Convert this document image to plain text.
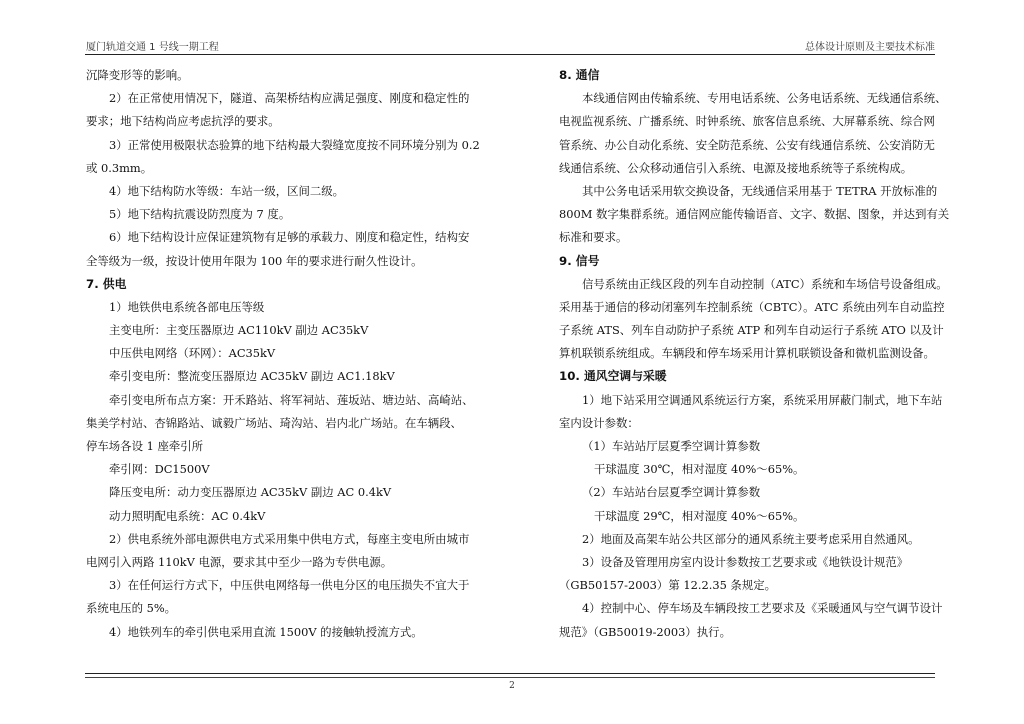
厦门轨道交通 1 号线一期工程	总体设计原则及主要技术标准
沉降变形等的影响。
2）在正常使用情况下，隧道、高架桥结构应满足强度、刚度和稳定性的
要求；地下结构尚应考虑抗浮的要求。
3）正常使用极限状态验算的地下结构最大裂缝宽度按不同环境分别为 0.2
或 0.3mm。
4）地下结构防水等级：车站一级，区间二级。
5）地下结构抗震设防烈度为 7 度。
6）地下结构设计应保证建筑物有足够的承载力、刚度和稳定性，结构安
全等级为一级，按设计使用年限为 100 年的要求进行耐久性设计。
7. 供电
1）地铁供电系统各部电压等级
主变电所：主变压器原边 AC110kV 副边 AC35kV
中压供电网络（环网）：AC35kV
牵引变电所：整流变压器原边 AC35kV 副边 AC1.18kV
牵引变电所布点方案：开禾路站、将军祠站、莲坂站、塘边站、高崎站、
集美学村站、杏锦路站、诚毅广场站、琦沟站、岩内北广场站。在车辆段、
停车场各设 1 座牵引所
牵引网：DC1500V
降压变电所：动力变压器原边 AC35kV 副边 AC 0.4kV
动力照明配电系统：AC 0.4kV
2）供电系统外部电源供电方式采用集中供电方式，每座主变电所由城市
电网引入两路 110kV 电源，要求其中至少一路为专供电源。
3）在任何运行方式下，中压供电网络每一供电分区的电压损失不宜大于
系统电压的 5%。
4）地铁列车的牵引供电采用直流 1500V 的接触轨授流方式。
8. 通信
本线通信网由传输系统、专用电话系统、公务电话系统、无线通信系统、
电视监视系统、广播系统、时钟系统、旅客信息系统、大屏幕系统、综合网
管系统、办公自动化系统、安全防范系统、公安有线通信系统、公安消防无
线通信系统、公众移动通信引入系统、电源及接地系统等子系统构成。
其中公务电话采用软交换设备，无线通信采用基于 TETRA 开放标准的
800M 数字集群系统。通信网应能传输语音、文字、数据、图象，并达到有关
标准和要求。
9. 信号
信号系统由正线区段的列车自动控制（ATC）系统和车场信号设备组成。
采用基于通信的移动闭塞列车控制系统（CBTC）。ATC 系统由列车自动监控
子系统 ATS、列车自动防护子系统 ATP 和列车自动运行子系统 ATO 以及计
算机联锁系统组成。车辆段和停车场采用计算机联锁设备和微机监测设备。
10. 通风空调与采暖
1）地下站采用空调通风系统运行方案，系统采用屏蔽门制式，地下车站
室内设计参数：
（1）车站站厅层夏季空调计算参数
干球温度 30℃，相对湿度 40%～65%。
（2）车站站台层夏季空调计算参数
干球温度 29℃，相对湿度 40%～65%。
2）地面及高架车站公共区部分的通风系统主要考虑采用自然通风。
3）设备及管理用房室内设计参数按工艺要求或《地铁设计规范》
（GB50157-2003）第 12.2.35 条规定。
4）控制中心、停车场及车辆段按工艺要求及《采暖通风与空气调节设计
规范》（GB50019-2003）执行。
2
